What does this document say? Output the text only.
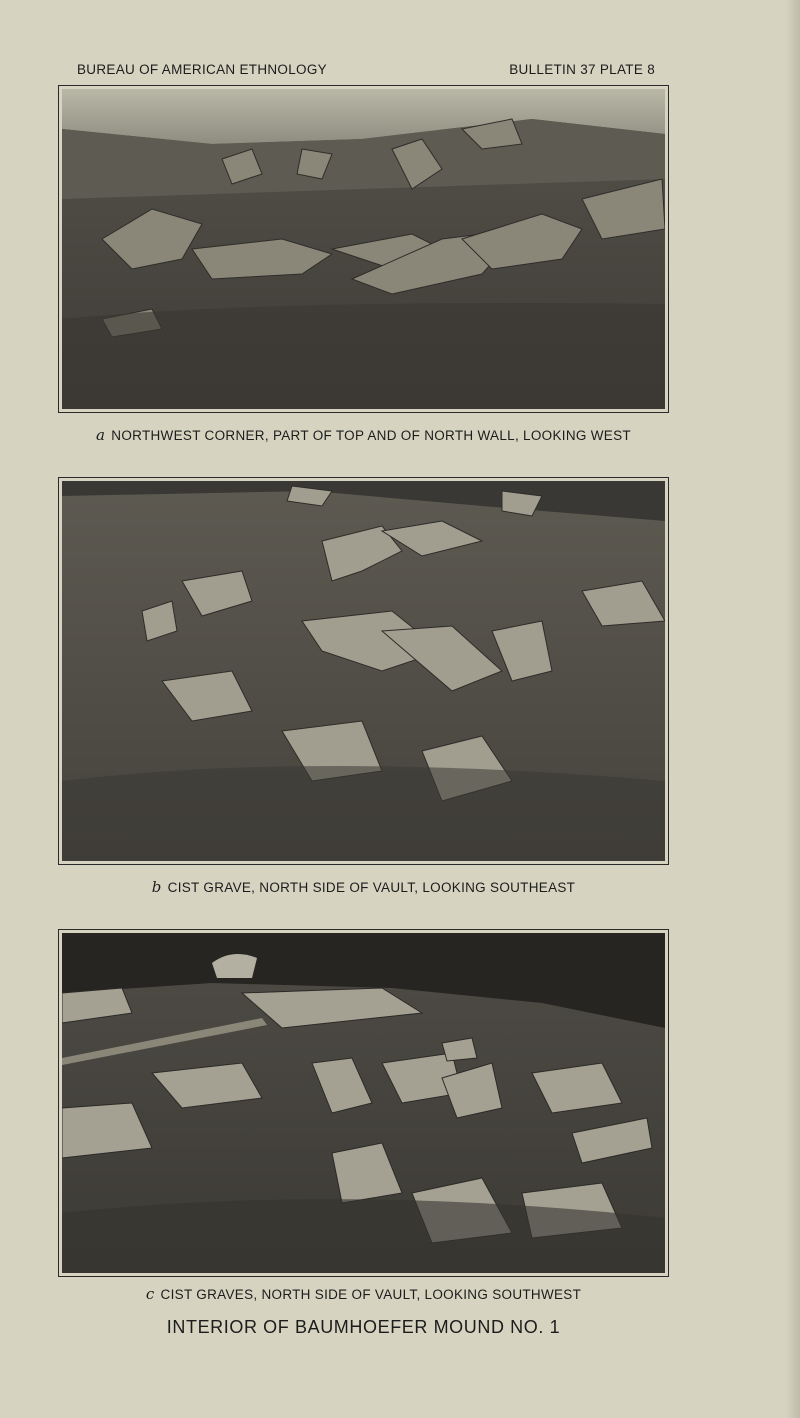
BUREAU OF AMERICAN ETHNOLOGY	BULLETIN 37 PLATE 8
a NORTHWEST CORNER, PART OF TOP AND OF NORTH WALL, LOOKING WEST
b CIST GRAVE, NORTH SIDE OF VAULT, LOOKING SOUTHEAST
c CIST GRAVES, NORTH SIDE OF VAULT, LOOKING SOUTHWEST
INTERIOR OF BAUMHOEFER MOUND NO. 1
